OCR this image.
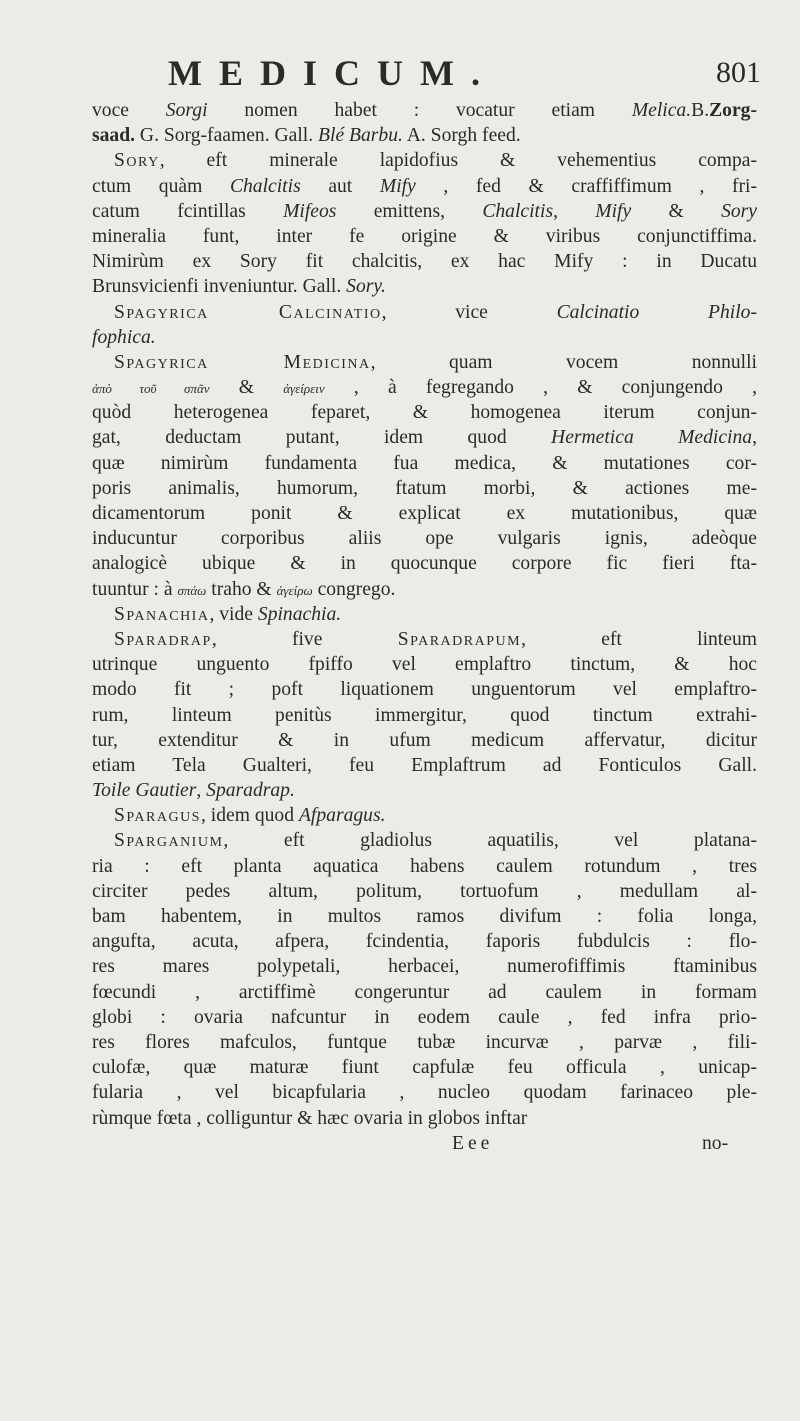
MEDICUM.	801
voce Sorgi nomen habet : vocatur etiam Melica.B.Zorg-
saad. G. Sorg-faamen. Gall. Blé Barbu. A. Sorgh feed.
Sory, eft minerale lapidofius & vehementius compa-
ctum quàm Chalcitis aut Mify , fed & craffiffimum , fri-
catum fcintillas Mifeos emittens, Chalcitis, Mify & Sory
mineralia funt, inter fe origine & viribus conjunctiffima.
Nimirùm ex Sory fit chalcitis, ex hac Mify : in Ducatu
Brunsvicienfi inveniuntur. Gall. Sory.
Spagyrica Calcinatio, vice Calcinatio Philo-
fophica.
Spagyrica Medicina, quam vocem nonnulli
ἀπὸ τοῦ σπᾶν & ἀγείρειν , à fegregando , & conjungendo ,
quòd heterogenea feparet, & homogenea iterum conjun-
gat, deductam putant, idem quod Hermetica Medicina,
quæ nimirùm fundamenta fua medica, & mutationes cor-
poris animalis, humorum, ftatum morbi, & actiones me-
dicamentorum ponit & explicat ex mutationibus, quæ
inducuntur corporibus aliis ope vulgaris ignis, adeòque
analogicè ubique & in quocunque corpore fic fieri fta-
tuuntur : à σπάω traho & ἀγείρω congrego.
Spanachia, vide Spinachia.
Sparadrap, five Sparadrapum, eft linteum
utrinque unguento fpiffo vel emplaftro tinctum, & hoc
modo fit ; poft liquationem unguentorum vel emplaftro-
rum, linteum penitùs immergitur, quod tinctum extrahi-
tur, extenditur & in ufum medicum affervatur, dicitur
etiam Tela Gualteri, feu Emplaftrum ad Fonticulos Gall.
Toile Gautier, Sparadrap.
Sparagus, idem quod Afparagus.
Sparganium, eft gladiolus aquatilis, vel platana-
ria : eft planta aquatica habens caulem rotundum , tres
circiter pedes altum, politum, tortuofum , medullam al-
bam habentem, in multos ramos divifum : folia longa,
angufta, acuta, afpera, fcindentia, faporis fubdulcis : flo-
res mares polypetali, herbacei, numerofiffimis ftaminibus
fœcundi , arctiffimè congeruntur ad caulem in formam
globi : ovaria nafcuntur in eodem caule , fed infra prio-
res flores mafculos, funtque tubæ incurvæ , parvæ , fili-
culofæ, quæ maturæ fiunt capfulæ feu officula , unicap-
fularia , vel bicapfularia , nucleo quodam farinaceo ple-
rùmque fœta , colliguntur & hæc ovaria in globos inftar
Eee	no-
